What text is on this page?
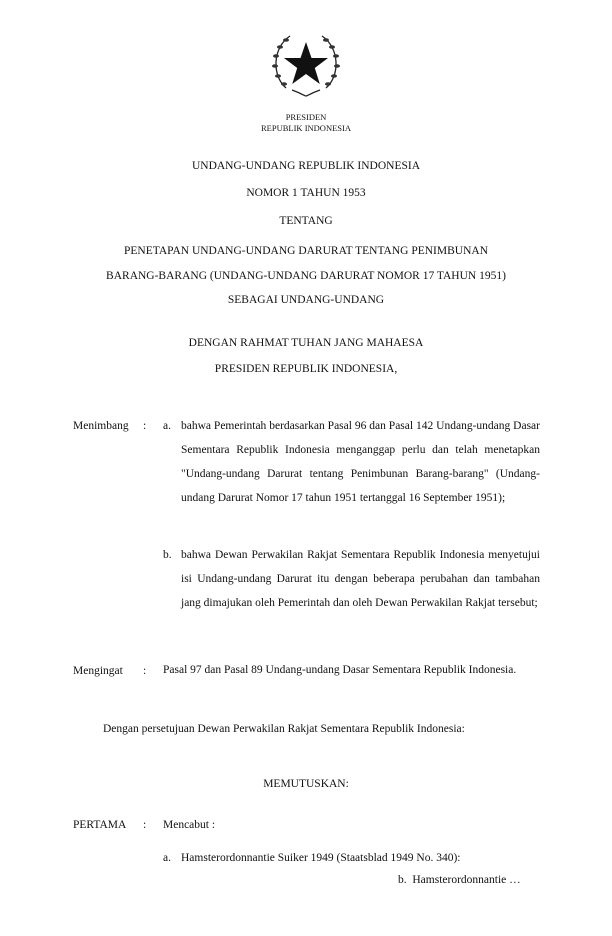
PRESIDEN
REPUBLIK INDONESIA
UNDANG-UNDANG REPUBLIK INDONESIA
NOMOR 1 TAHUN 1953
TENTANG
PENETAPAN UNDANG-UNDANG DARURAT TENTANG PENIMBUNAN
BARANG-BARANG (UNDANG-UNDANG DARURAT NOMOR 17 TAHUN 1951)
SEBAGAI UNDANG-UNDANG
DENGAN RAHMAT TUHAN JANG MAHAESA
PRESIDEN REPUBLIK INDONESIA,
Menimbang : a. bahwa Pemerintah berdasarkan Pasal 96 dan Pasal 142 Undang-undang Dasar Sementara Republik Indonesia menganggap perlu dan telah menetapkan "Undang-undang Darurat tentang Penimbunan Barang-barang" (Undang-undang Darurat Nomor 17 tahun 1951 tertanggal 16 September 1951);
b. bahwa Dewan Perwakilan Rakjat Sementara Republik Indonesia menyetujui isi Undang-undang Darurat itu dengan beberapa perubahan dan tambahan jang dimajukan oleh Pemerintah dan oleh Dewan Perwakilan Rakjat tersebut;
Mengingat : Pasal 97 dan Pasal 89 Undang-undang Dasar Sementara Republik Indonesia.
Dengan persetujuan Dewan Perwakilan Rakjat Sementara Republik Indonesia:
MEMUTUSKAN:
PERTAMA : Mencabut :
a. Hamsterordonnantie Suiker 1949 (Staatsblad 1949 No. 340):
b.  Hamsterordonnantie …
